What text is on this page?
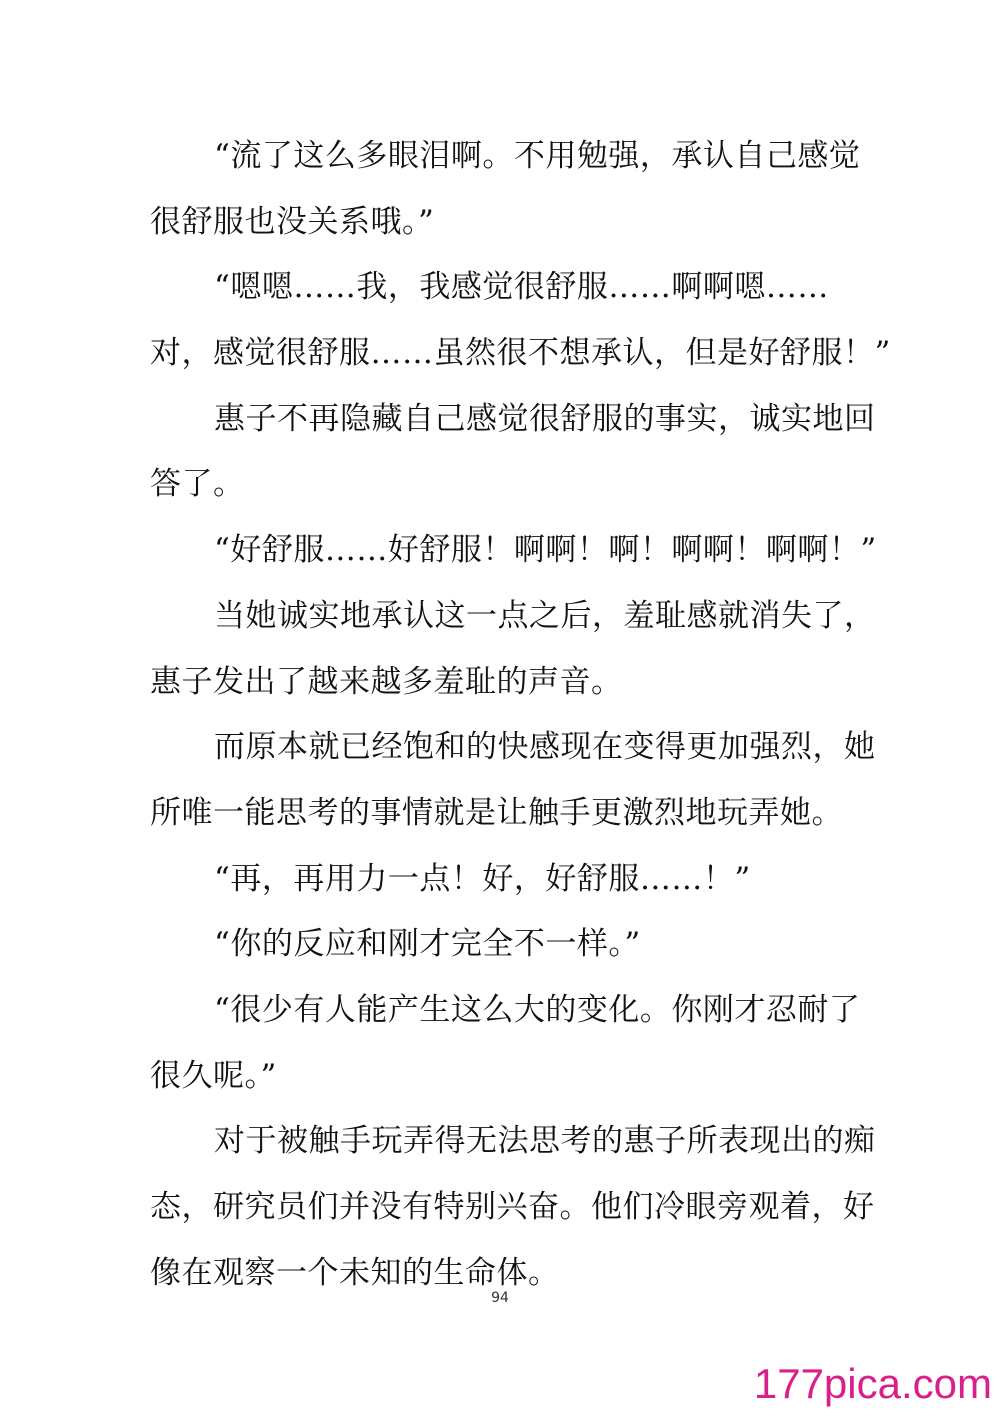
“流了这么多眼泪啊。不用勉强，承认自己感觉
很舒服也没关系哦。”
“嗯嗯……我，我感觉很舒服……啊啊嗯……
对，感觉很舒服……虽然很不想承认，但是好舒服！”
惠子不再隐藏自己感觉很舒服的事实，诚实地回
答了。
“好舒服……好舒服！啊啊！啊！啊啊！啊啊！”
当她诚实地承认这一点之后，羞耻感就消失了，
惠子发出了越来越多羞耻的声音。
而原本就已经饱和的快感现在变得更加强烈，她
所唯一能思考的事情就是让触手更激烈地玩弄她。
“再，再用力一点！好，好舒服……！”
“你的反应和刚才完全不一样。”
“很少有人能产生这么大的变化。你刚才忍耐了
很久呢。”
对于被触手玩弄得无法思考的惠子所表现出的痴
态，研究员们并没有特别兴奋。他们冷眼旁观着，好
像在观察一个未知的生命体。
94
177pica.com
